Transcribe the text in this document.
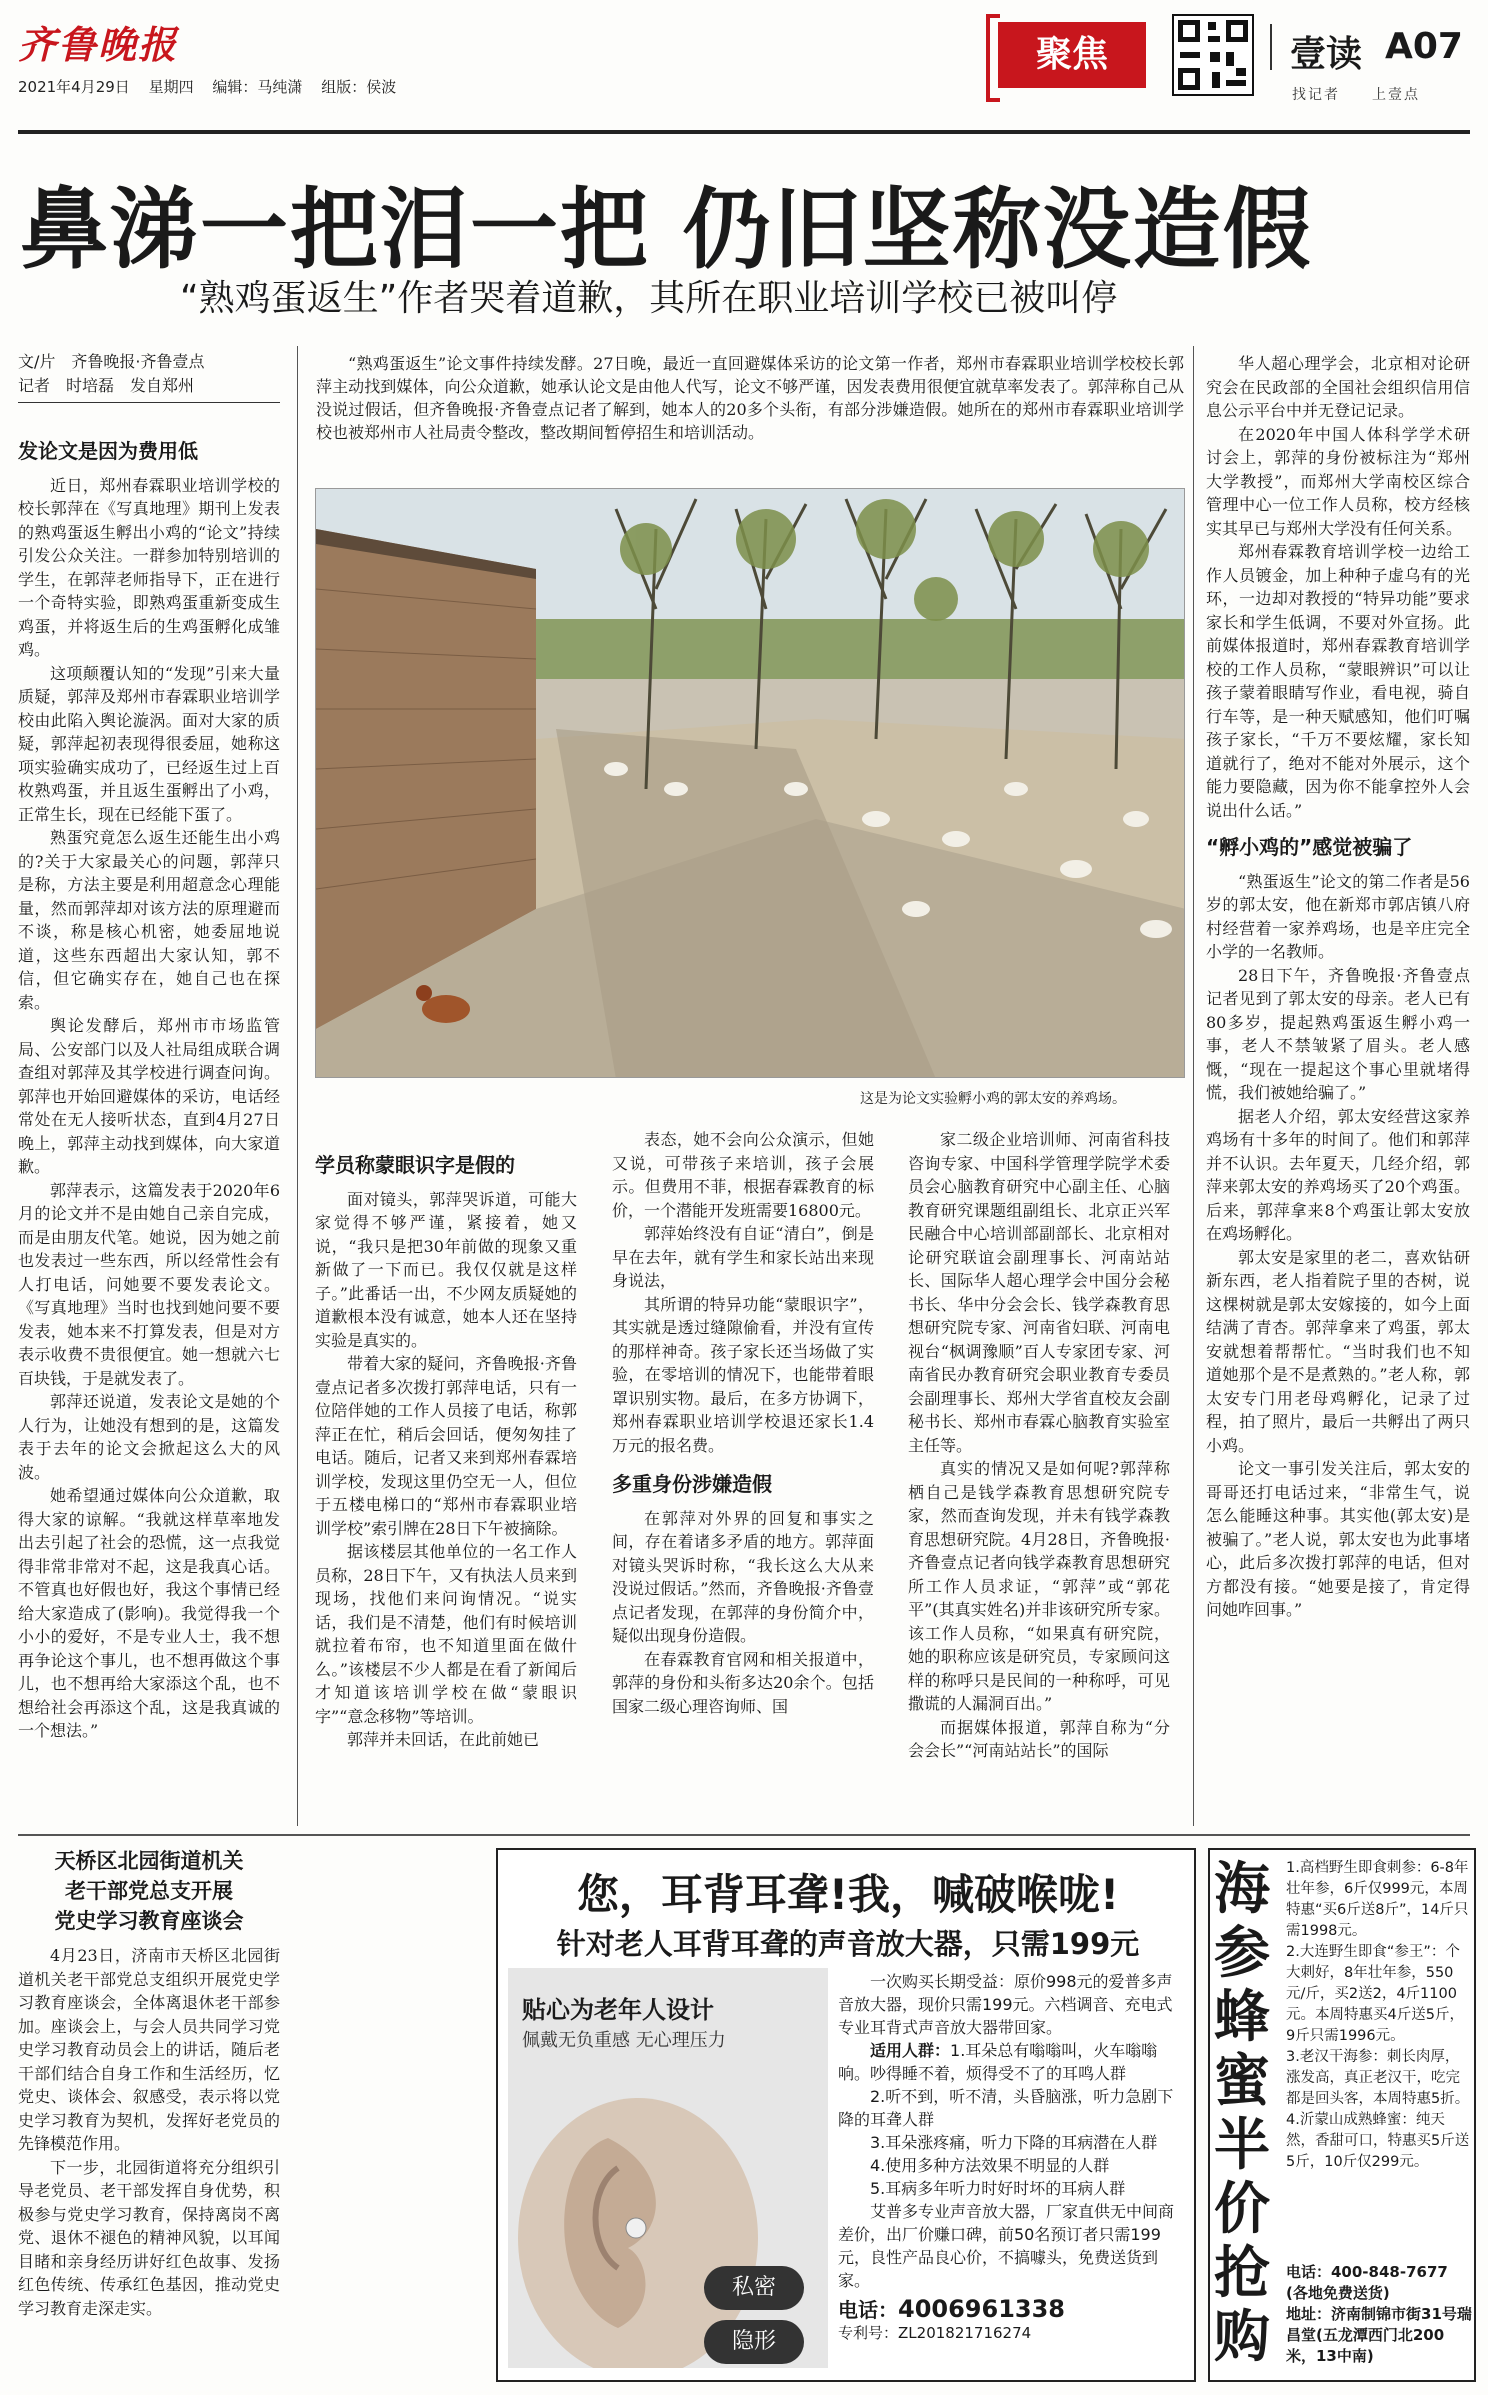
齐鲁晚报
2021年4月29日 星期四 编辑：马纯潇 组版：侯波
聚焦	壹读 A07
找记者　　 上壹点
鼻涕一把泪一把 仍旧坚称没造假
“熟鸡蛋返生”作者哭着道歉，其所在职业培训学校已被叫停
文/片　齐鲁晚报·齐鲁壹点
记者　时培磊　发自郑州

“熟鸡蛋返生”论文事件持续发酵。27日晚，最近一直回避媒体采访的论文第一作者，郑州市春霖职业培训学校校长郭萍主动找到媒体，向公众道歉，她承认论文是由他人代写，论文不够严谨，因发表费用很便宜就草率发表了。郭萍称自己从没说过假话，但齐鲁晚报·齐鲁壹点记者了解到，她本人的20多个头衔，有部分涉嫌造假。她所在的郑州市春霖职业培训学校也被郑州市人社局责令整改，整改期间暂停招生和培训活动。

这是为论文实验孵小鸡的郭太安的养鸡场。
发论文是因为费用低

近日，郑州春霖职业培训学校的校长郭萍在《写真地理》期刊上发表的熟鸡蛋返生孵出小鸡的“论文”持续引发公众关注。一群参加特别培训的学生，在郭萍老师指导下，正在进行一个奇特实验，即熟鸡蛋重新变成生鸡蛋，并将返生后的生鸡蛋孵化成雏鸡。

这项颠覆认知的“发现”引来大量质疑，郭萍及郑州市春霖职业培训学校由此陷入舆论漩涡。面对大家的质疑，郭萍起初表现得很委屈，她称这项实验确实成功了，已经返生过上百枚熟鸡蛋，并且返生蛋孵出了小鸡，正常生长，现在已经能下蛋了。

熟蛋究竟怎么返生还能生出小鸡的?关于大家最关心的问题，郭萍只是称，方法主要是利用超意念心理能量，然而郭萍却对该方法的原理避而不谈，称是核心机密，她委屈地说道，这些东西超出大家认知，郭不信，但它确实存在，她自己也在探索。

舆论发酵后，郑州市市场监管局、公安部门以及人社局组成联合调查组对郭萍及其学校进行调查问询。郭萍也开始回避媒体的采访，电话经常处在无人接听状态，直到4月27日晚上，郭萍主动找到媒体，向大家道歉。

郭萍表示，这篇发表于2020年6月的论文并不是由她自己亲自完成，而是由朋友代笔。她说，因为她之前也发表过一些东西，所以经常性会有人打电话，问她要不要发表论文。《写真地理》当时也找到她问要不要发表，她本来不打算发表，但是对方表示收费不贵很便宜。她一想就六七百块钱，于是就发表了。

郭萍还说道，发表论文是她的个人行为，让她没有想到的是，这篇发表于去年的论文会掀起这么大的风波。

她希望通过媒体向公众道歉，取得大家的谅解。“我就这样草率地发出去引起了社会的恐慌，这一点我觉得非常非常对不起，这是我真心话。不管真也好假也好，我这个事情已经给大家造成了(影响)。我觉得我一个小小的爱好，不是专业人士，我不想再争论这个事儿，也不想再做这个事儿，也不想再给大家添这个乱，也不想给社会再添这个乱，这是我真诚的一个想法。”

学员称蒙眼识字是假的

面对镜头，郭萍哭诉道，可能大家觉得不够严谨，紧接着，她又说，“我只是把30年前做的现象又重新做了一下而已。我仅仅就是这样子。”此番话一出，不少网友质疑她的道歉根本没有诚意，她本人还在坚持实验是真实的。

带着大家的疑问，齐鲁晚报·齐鲁壹点记者多次拨打郭萍电话，只有一位陪伴她的工作人员接了电话，称郭萍正在忙，稍后会回话，便匆匆挂了电话。随后，记者又来到郑州春霖培训学校，发现这里仍空无一人，但位于五楼电梯口的“郑州市春霖职业培训学校”索引牌在28日下午被摘除。

据该楼层其他单位的一名工作人员称，28日下午，又有执法人员来到现场，找他们来问询情况。“说实话，我们是不清楚，他们有时候培训就拉着布帘，也不知道里面在做什么。”该楼层不少人都是在看了新闻后才知道该培训学校在做“蒙眼识字”“意念移物”等培训。

郭萍并未回话，在此前她已

表态，她不会向公众演示，但她又说，可带孩子来培训，孩子会展示。但费用不菲，根据春霖教育的标价，一个潜能开发班需要16800元。

郭萍始终没有自证“清白”，倒是早在去年，就有学生和家长站出来现身说法，

其所谓的特异功能“蒙眼识字”，其实就是透过缝隙偷看，并没有宣传的那样神奇。孩子家长还当场做了实验，在零培训的情况下，也能带着眼罩识别实物。最后，在多方协调下，郑州春霖职业培训学校退还家长1.4万元的报名费。

多重身份涉嫌造假

在郭萍对外界的回复和事实之间，存在着诸多矛盾的地方。郭萍面对镜头哭诉时称，“我长这么大从来没说过假话。”然而，齐鲁晚报·齐鲁壹点记者发现，在郭萍的身份简介中，疑似出现身份造假。

在春霖教育官网和相关报道中，郭萍的身份和头衔多达20余个。包括国家二级心理咨询师、国

家二级企业培训师、河南省科技咨询专家、中国科学管理学院学术委员会心脑教育研究中心副主任、心脑教育研究课题组副组长、北京正兴军民融合中心培训部副部长、北京相对论研究联谊会副理事长、河南站站长、国际华人超心理学会中国分会秘书长、华中分会会长、钱学森教育思想研究院专家、河南省妇联、河南电视台“枫调豫顺”百人专家团专家、河南省民办教育研究会职业教育专委员会副理事长、郑州大学省直校友会副秘书长、郑州市春霖心脑教育实验室主任等。

真实的情况又是如何呢?郭萍称栖自己是钱学森教育思想研究院专家，然而查询发现，并未有钱学森教育思想研究院。4月28日，齐鲁晚报·齐鲁壹点记者向钱学森教育思想研究所工作人员求证，“郭萍”或“郭花平”(其真实姓名)并非该研究所专家。该工作人员称，“如果真有研究院，她的职称应该是研究员，专家顾问这样的称呼只是民间的一种称呼，可见撒谎的人漏洞百出。”

而据媒体报道，郭萍自称为“分会会长”“河南站站长”的国际

华人超心理学会，北京相对论研究会在民政部的全国社会组织信用信息公示平台中并无登记记录。

在2020年中国人体科学学术研讨会上，郭萍的身份被标注为“郑州大学教授”，而郑州大学南校区综合管理中心一位工作人员称，校方经核实其早已与郑州大学没有任何关系。

郑州春霖教育培训学校一边给工作人员镀金，加上种种子虚乌有的光环，一边却对教授的“特异功能”要求家长和学生低调，不要对外宣扬。此前媒体报道时，郑州春霖教育培训学校的工作人员称，“蒙眼辨识”可以让孩子蒙着眼睛写作业，看电视，骑自行车等，是一种天赋感知，他们叮嘱孩子家长，“千万不要炫耀，家长知道就行了，绝对不能对外展示，这个能力要隐藏，因为你不能拿控外人会说出什么话。”

“孵小鸡的”感觉被骗了

“熟蛋返生”论文的第二作者是56岁的郭太安，他在新郑市郭店镇八府村经营着一家养鸡场，也是辛庄完全小学的一名教师。

28日下午，齐鲁晚报·齐鲁壹点记者见到了郭太安的母亲。老人已有80多岁，提起熟鸡蛋返生孵小鸡一事，老人不禁皱紧了眉头。老人感慨，“现在一提起这个事心里就堵得慌，我们被她给骗了。”

据老人介绍，郭太安经营这家养鸡场有十多年的时间了。他们和郭萍并不认识。去年夏天，几经介绍，郭萍来郭太安的养鸡场买了20个鸡蛋。后来，郭萍拿来8个鸡蛋让郭太安放在鸡场孵化。

郭太安是家里的老二，喜欢钻研新东西，老人指着院子里的杏树，说这棵树就是郭太安嫁接的，如今上面结满了青杏。郭萍拿来了鸡蛋，郭太安就想着帮帮忙。“当时我们也不知道她那个是不是煮熟的。”老人称，郭太安专门用老母鸡孵化，记录了过程，拍了照片，最后一共孵出了两只小鸡。

论文一事引发关注后，郭太安的哥哥还打电话过来，“非常生气，说怎么能睡这种事。其实他(郭太安)是被骗了。”老人说，郭太安也为此事堵心，此后多次拨打郭萍的电话，但对方都没有接。“她要是接了，肯定得问她咋回事。”

天桥区北园街道机关
老干部党总支开展
党史学习教育座谈会

4月23日，济南市天桥区北园街道机关老干部党总支组织开展党史学习教育座谈会，全体离退休老干部参加。座谈会上，与会人员共同学习党史学习教育动员会上的讲话，随后老干部们结合自身工作和生活经历，忆党史、谈体会、叙感受，表示将以党史学习教育为契机，发挥好老党员的先锋模范作用。

下一步，北园街道将充分组织引导老党员、老干部发挥自身优势，积极参与党史学习教育，保持离岗不离党、退休不褪色的精神风貌，以耳闻目睹和亲身经历讲好红色故事、发扬红色传统、传承红色基因，推动党史学习教育走深走实。

您，耳背耳聋!我，喊破喉咙!
针对老人耳背耳聋的声音放大器，只需199元
贴心为老年人设计
佩戴无负重感 无心理压力
私密
隐形

一次购买长期受益：原价998元的爱普多声音放大器，现价只需199元。六档调音、充电式专业耳背式声音放大器带回家。

适用人群：1.耳朵总有嗡嗡叫，火车嗡嗡响。吵得睡不着，烦得受不了的耳鸣人群

2.听不到，听不清，头昏脑涨，听力急剧下降的耳聋人群

3.耳朵涨疼痛，听力下降的耳病潜在人群

4.使用多种方法效果不明显的人群

5.耳病多年听力时好时坏的耳病人群

艾普多专业声音放大器，厂家直供无中间商差价，出厂价赚口碑，前50名预订者只需199元，良性产品良心价，不搞噱头，免费送货到家。

电话：4006961338
专利号：ZL201821716274
海参蜂蜜半价抢购

1.高档野生即食刺参：6-8年壮年参，6斤仅999元，本周特惠“买6斤送8斤”，14斤只需1998元。

2.大连野生即食“参王”：个大刺好，8年壮年参，550元/斤，买2送2，4斤1100元。本周特惠买4斤送5斤，9斤只需1996元。

3.老汉干海参：刺长肉厚，涨发高，真正老汉干，吃完都是回头客，本周特惠5折。

4.沂蒙山成熟蜂蜜：纯天然，香甜可口，特惠买5斤送5斤，10斤仅299元。

电话：400-848-7677
(各地免费送货)
地址：济南制锦市街31号瑞昌堂(五龙潭西门北200米，13中南)
